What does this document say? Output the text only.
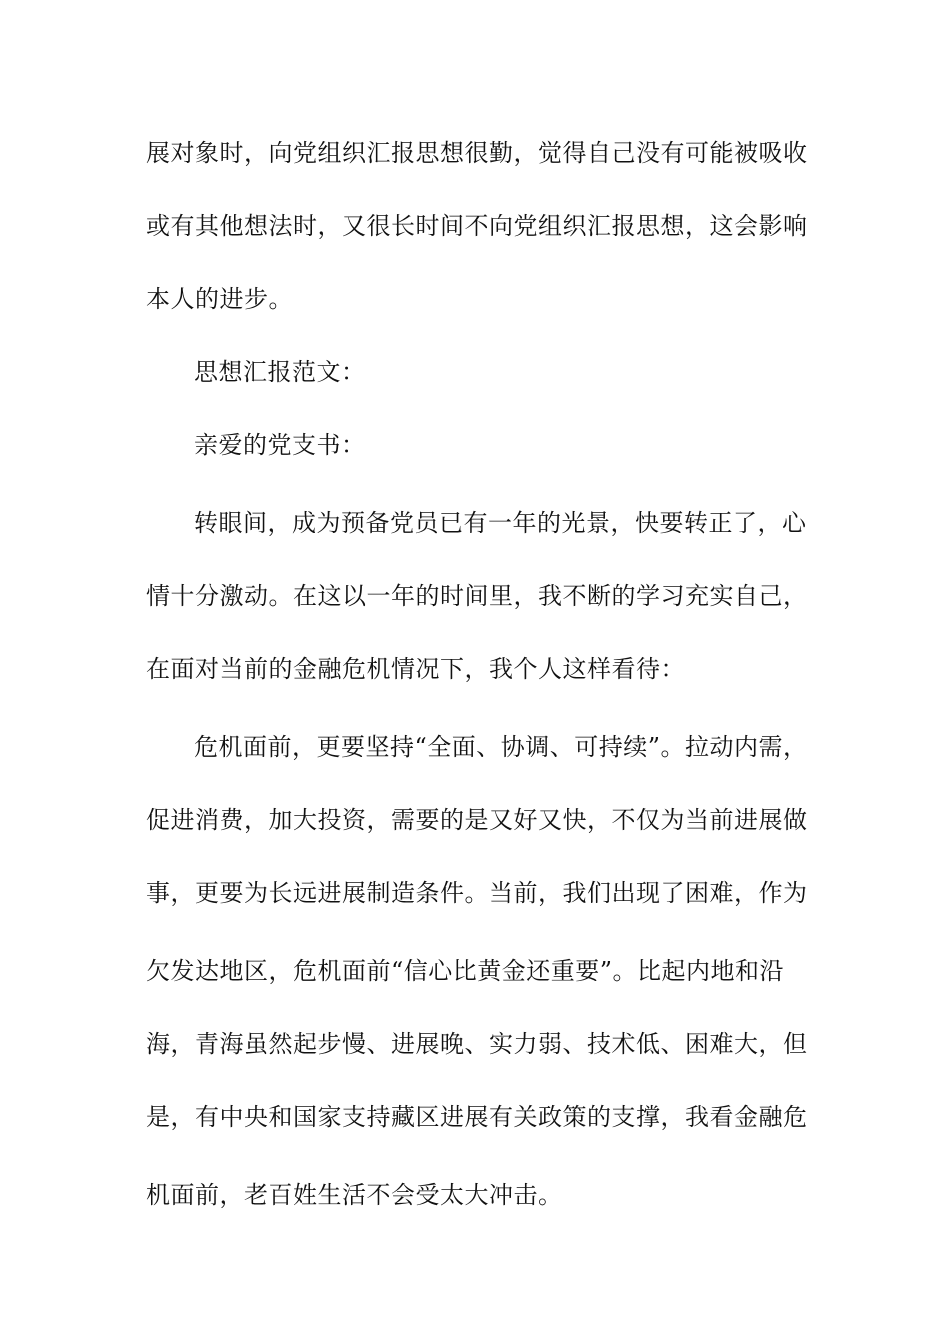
展对象时，向党组织汇报思想很勤，觉得自己没有可能被吸收
或有其他想法时，又很长时间不向党组织汇报思想，这会影响
本人的进步。
思想汇报范文：
亲爱的党支书：
转眼间，成为预备党员已有一年的光景，快要转正了，心
情十分激动。在这以一年的时间里，我不断的学习充实自己，
在面对当前的金融危机情况下，我个人这样看待：
危机面前，更要坚持“全面、协调、可持续”。拉动内需，
促进消费，加大投资，需要的是又好又快，不仅为当前进展做
事，更要为长远进展制造条件。当前，我们出现了困难，作为
欠发达地区，危机面前“信心比黄金还重要”。比起内地和沿
海，青海虽然起步慢、进展晚、实力弱、技术低、困难大，但
是，有中央和国家支持藏区进展有关政策的支撑，我看金融危
机面前，老百姓生活不会受太大冲击。
